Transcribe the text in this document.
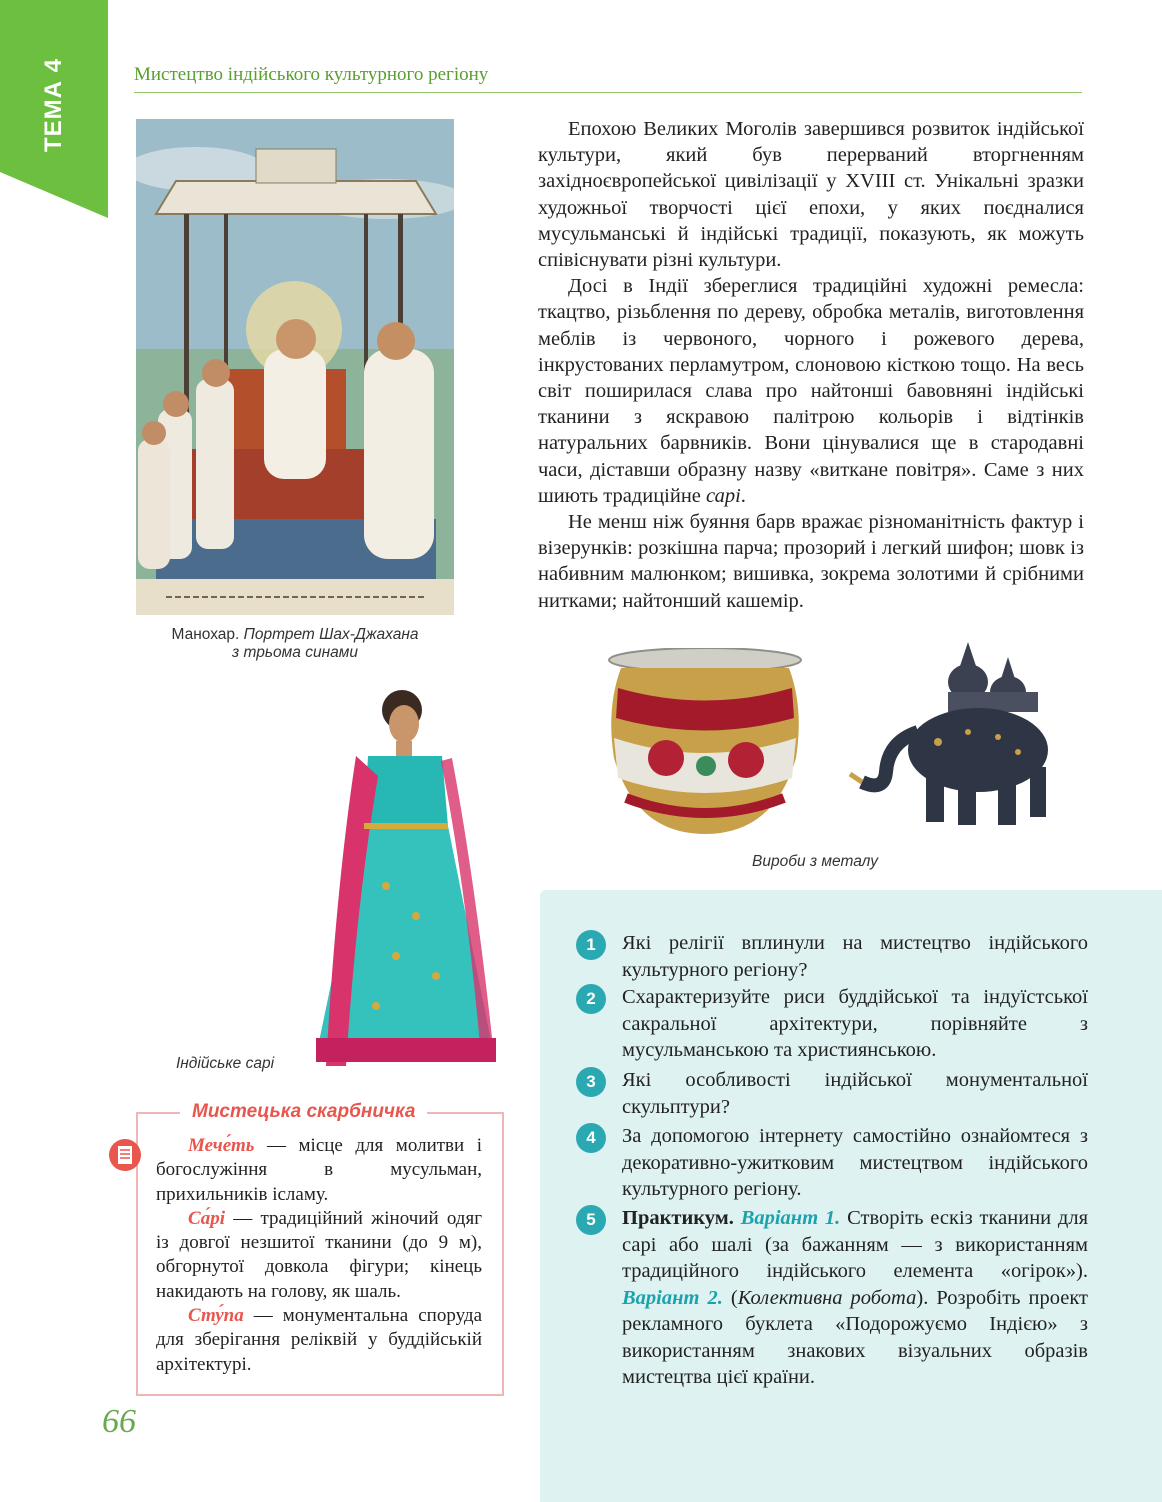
ТЕМА 4	Мистецтво індійського культурного регіону
Манохар. Портрет Шах-Джахана
з трьома синами

Епохою Великих Моголів завершився розвиток індійської культури, який був перерваний вторгненням західноєвропейської цивілізації у XVIII ст. Унікальні зразки художньої творчості цієї епохи, у яких поєдналися мусульманські й індійські традиції, показують, як можуть співіснувати різні культури.

Досі в Індії збереглися традиційні художні ремесла: ткацтво, різьблення по дереву, обробка металів, виготовлення меблів із червоного, чорного і рожевого дерева, інкрустованих перламутром, слоновою кісткою тощо. На весь світ поширилася слава про найтонші бавовняні індійські тканини з яскравою палітрою кольорів і відтінків натуральних барвників. Вони цінувалися ще в стародавні часи, діставши образну назву «виткане повітря». Саме з них шиють традиційне сарі.

Не менш ніж буяння барв вражає різноманітність фактур і візерунків: розкішна парча; прозорий і легкий шифон; шовк із набивним малюнком; вишивка, зокрема золотими й срібними нитками; найтонший кашемір.

Вироби з металу
Індійське сарі
Мистецька скарбничка

Мече́ть — місце для молитви і богослужіння в мусульман, прихильників ісламу.

Са́рі — традиційний жіночий одяг із довгої незшитої тканини (до 9 м), обгорнутої довкола фігури; кінець накидають на голову, як шаль.

Сту́па — монументальна споруда для зберігання реліквій у буддійській архітектурі.

1	Які релігії вплинули на мистецтво індійського культурного регіону?
2	Схарактеризуйте риси буддійської та індуїстської сакральної архітектури, порівняйте з мусульманською та християнською.
3	Які особливості індійської монументальної скульптури?
4	За допомогою інтернету самостійно ознайомтеся з декоративно-ужитковим мистецтвом індійського культурного регіону.
5	Практикум. Варіант 1. Створіть ескіз тканини для сарі або шалі (за бажанням — з використанням традиційного індійського елемента «огірок»). Варіант 2. (Колективна робота). Розробіть проект рекламного буклета «Подорожуємо Індією» з використанням знакових візуальних образів мистецтва цієї країни.
66
